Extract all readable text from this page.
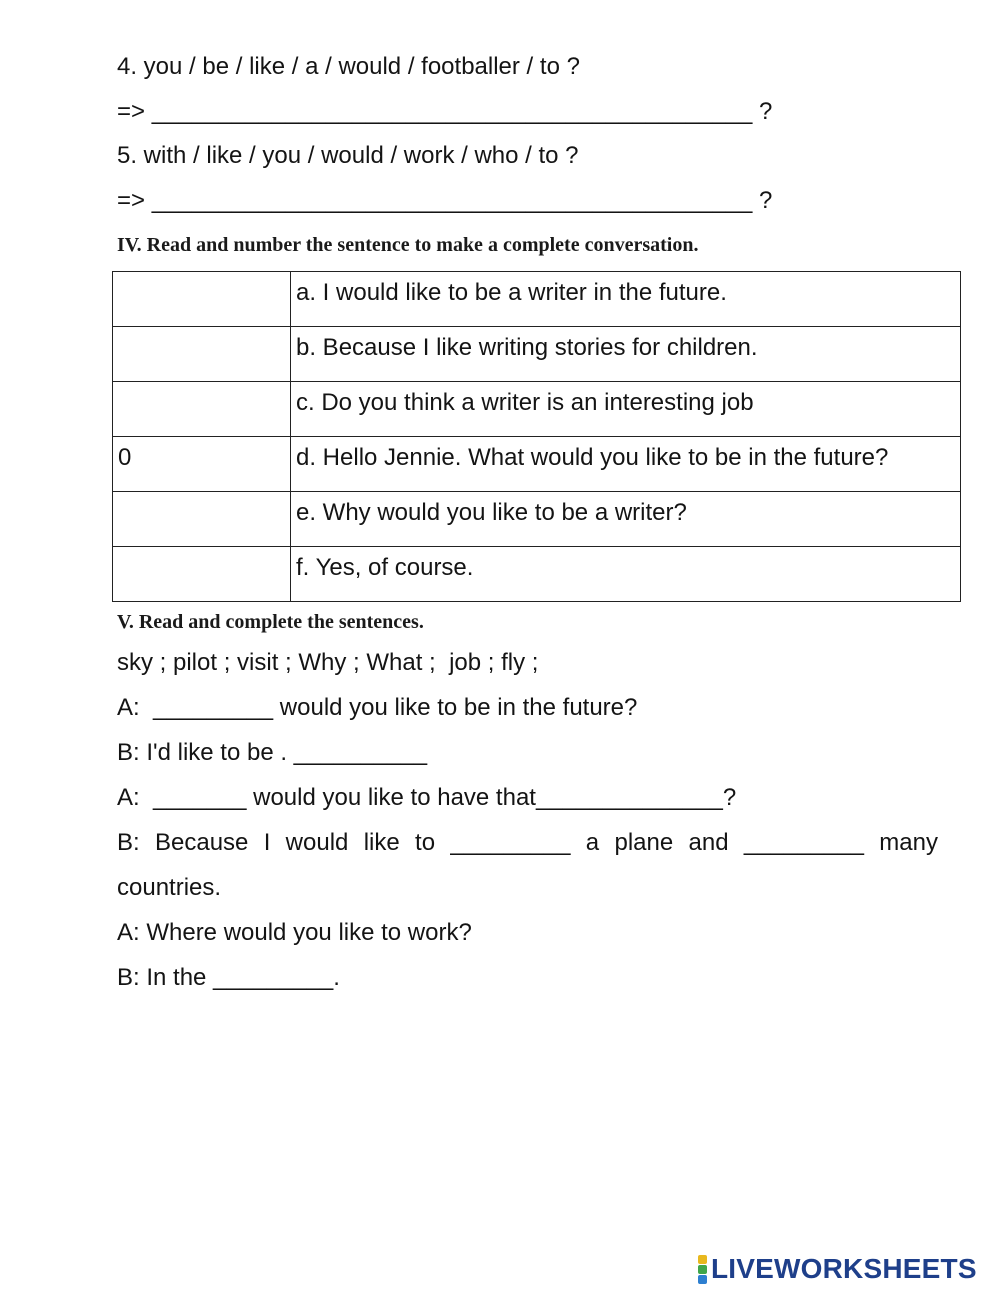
4. you / be / like / a / would / footballer / to ?
=> _____________________________________________ ?
5. with / like / you / would / work / who / to ?
=> _____________________________________________ ?
IV. Read and number the sentence to make a complete conversation.
	a. I would like to be a writer in the future.
	b. Because I like writing stories for children.
	c. Do you think a writer is an interesting job
0	d. Hello Jennie. What would you like to be in the future?
	e. Why would you like to be a writer?
	f. Yes, of course.
V. Read and complete the sentences.
sky ; pilot ; visit ; Why ; What ;  job ; fly ;
A:  _________ would you like to be in the future?
B: I'd like to be . __________
A:  _______ would you like to have that______________?
B: Because I would like to _________ a plane and _________ many
countries.
A: Where would you like to work?
B: In the _________.
LIVEWORKSHEETS
